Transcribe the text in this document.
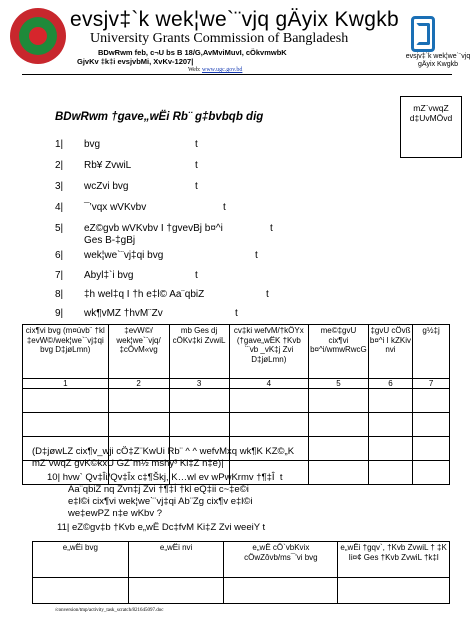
evsjv‡`k wek¦we`¨vjq gÄyix Kwgkb
University Grants Commission of Bangladesh
BDwRwm feb, c¬U bs B 18/G,AvMviMuvI, cÖkvmwbK
GjvKv ‡k‡i evsjvbMi, XvKv-1207|
Web: www.ugc.gov.bd
evsjv‡`k wek¦we`¨vjq gÄyix Kwgkb
BDwRwm †gave„wËi Rb¨ g‡bvbqb dig
mZ¨vwqZ d‡UvMÖvd
1| bvg	t
2| Rb¥ ZvwiL	t
3| wcZvi bvg	t
4| ¯’vqx wVKvbv	t
5| eZ©gvb wVKvbv I †gvevBj b¤^i
Ges B-‡gBj
t
6| wek¦we`¨vj‡qi bvg	t
7| Abyl‡`i bvg	t
8| ‡h wel‡q I †h e‡l© Aa¨qbiZ	t
9| wk¶vMZ †hvM¨Zv	t
cix¶vi bvg (m¤úvb¨ †kl ‡evW©/wek¦we`¨vj‡qi bvg D‡jøLmn)	‡evW©/ wek¦we`¨vjq/ ‡cÖvM«vg	mb Ges dj cÖKv‡ki ZvwiL	cv‡ki wefvM/†kÖYx (†gave„wËK †Kvb `¨vb _vK‡j Zvi D‡jøLmn)	me©‡gvU cix¶vi b¤^i/wmwRwcG	‡gvU cÖvß b¤^i I kZKiv nvi	g½‡j
1	2	3	4	5	6	7

(D‡jøwLZ cix¶v_wji cÖ‡Z¨KwUi Rb¨ ^ ^ wefvMxq wk¶K KZ©„K
mZ¨vwqZ gvK©kxU GZ`m½ mshy³ Ki‡Z n‡e)|
10| hvw` Qv‡Îi/Qv‡Îx c‡¶Škj, K…wl ev wPwKrmv †¶‡Î t
Aa¨qbiZ nq Zvn‡j Zvi †¶‡Î †kl eQ‡ii c~‡e©i
e‡l©i cix¶vi wek¦we`¨vj‡qi Ab¨Zg cix¶v e‡l©i
we‡ewPZ n‡e wKbv ?
11| eZ©gv‡b †Kvb e„wË Dc‡fvM Ki‡Z Zvi weeiY t
e„wËi bvg	e„wËi nvi	e„wË cÖ`vbKvix cÖwZôvb/ms¯'vi bvg	e„wËi †gqv`, †Kvb ZvwiL † ‡K Ii¤¢ Ges †Kvb ZvwiL †k‡l

/conversion/tmp/activity_task_scratch/821645097.doc
